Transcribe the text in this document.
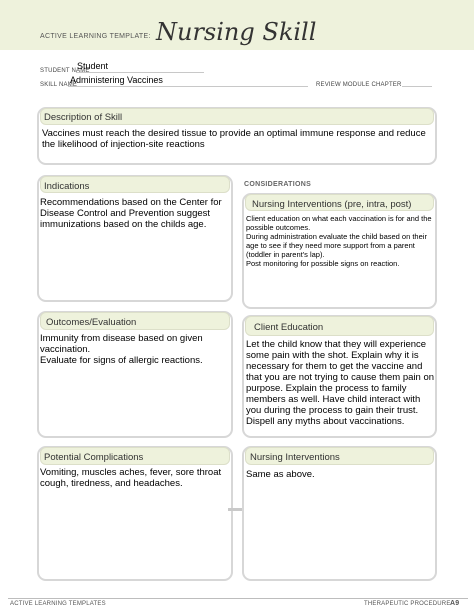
ACTIVE LEARNING TEMPLATE: Nursing Skill
STUDENT NAME
Student
SKILL NAME
Administering Vaccines	REVIEW MODULE CHAPTER
Description of Skill
Vaccines must reach the desired tissue to provide an optimal immune response and reduce the likelihood of injection-site reactions
Indications
Recommendations based on the Center for Disease Control and Prevention suggest immunizations based on the childs age.
CONSIDERATIONS
Nursing Interventions (pre, intra, post)
Client education on what each vaccination is for and the possible outcomes.
During administration evaluate the child based on their age to see if they need more support from a parent (toddler in parent's lap).
Post monitoring for possible signs on reaction.
Outcomes/Evaluation
Immunity from disease based on given vaccination.
Evaluate for signs of allergic reactions.
Client Education
Let the child know that they will experience some pain with the shot. Explain why it is necessary for them to get the vaccine and that you are not trying to cause them pain on purpose. Explain the process to family members as well. Have child interact with you during the process to gain their trust. Dispell any myths about vaccinations.
Potential Complications
Vomiting, muscles aches, fever, sore throat cough, tiredness, and headaches.
Nursing Interventions
Same as above.
ACTIVE LEARNING TEMPLATES	THERAPEUTIC PROCEDURE A9
